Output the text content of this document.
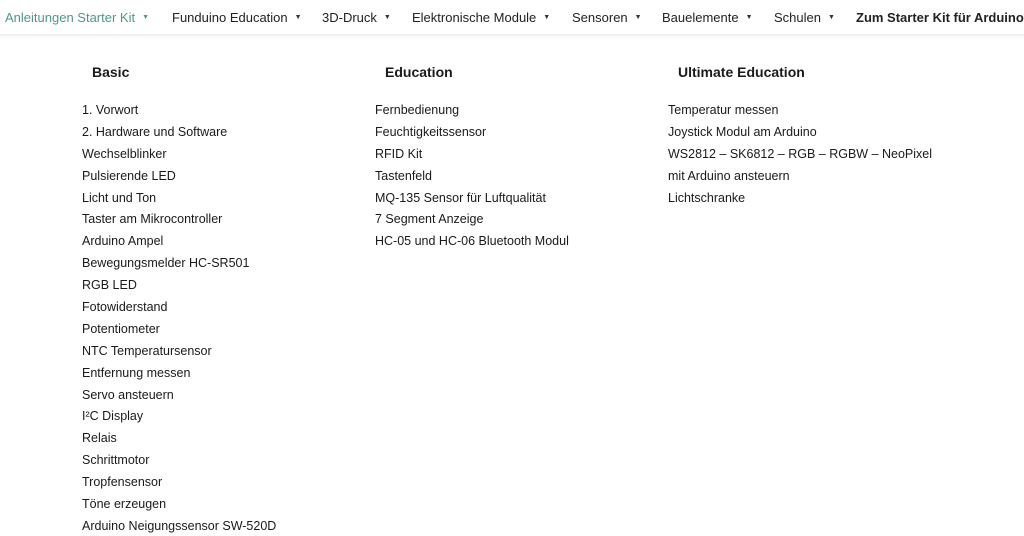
Anleitungen Starter Kit ▼ Funduino Education ▼ 3D-Druck ▼ Elektronische Module ▼ Sensoren ▼ Bauelemente ▼ Schulen ▼ Zum Starter Kit für Arduino
Basic
1. Vorwort
2. Hardware und Software
Wechselblinker
Pulsierende LED
Licht und Ton
Taster am Mikrocontroller
Arduino Ampel
Bewegungsmelder HC-SR501
RGB LED
Fotowiderstand
Potentiometer
NTC Temperatursensor
Entfernung messen
Servo ansteuern
I²C Display
Relais
Schrittmotor
Tropfensensor
Töne erzeugen
Arduino Neigungssensor SW-520D
Education
Fernbedienung
Feuchtigkeitssensor
RFID Kit
Tastenfeld
MQ-135 Sensor für Luftqualität
7 Segment Anzeige
HC-05 und HC-06 Bluetooth Modul
Ultimate Education
Temperatur messen
Joystick Modul am Arduino
WS2812 – SK6812 – RGB – RGBW – NeoPixel
mit Arduino ansteuern
Lichtschranke
